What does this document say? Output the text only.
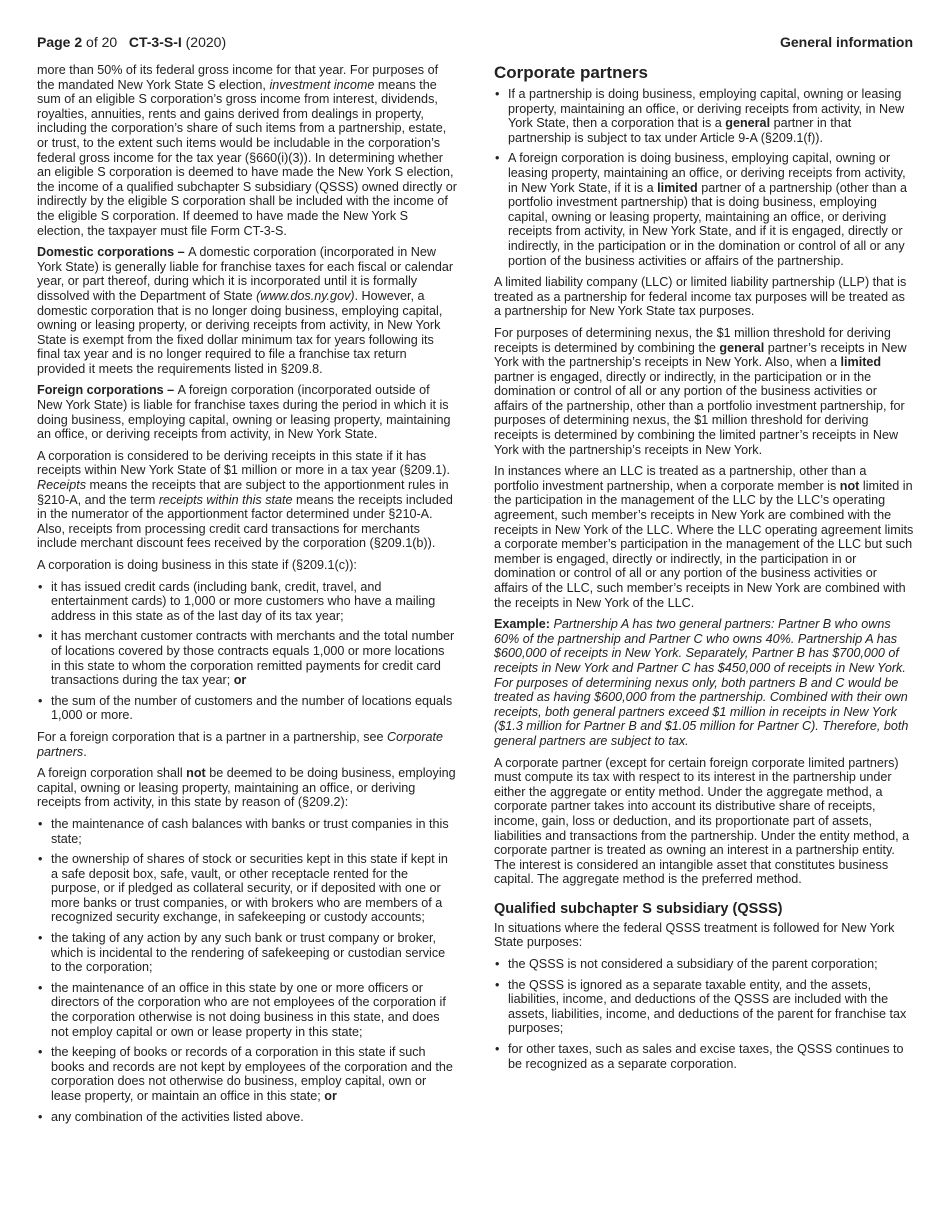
Page 2 of 20 CT-3-S-I (2020)	General information

more than 50% of its federal gross income for that year. For purposes of the mandated New York State S election, investment income means the sum of an eligible S corporation’s gross income from interest, dividends, royalties, annuities, rents and gains derived from dealings in property, including the corporation’s share of such items from a partnership, estate, or trust, to the extent such items would be includable in the corporation’s federal gross income for the tax year (§660(i)(3)). In determining whether an eligible S corporation is deemed to have made the New York S election, the income of a qualified subchapter S subsidiary (QSSS) owned directly or indirectly by the eligible S corporation shall be included with the income of the eligible S corporation. If deemed to have made the New York S election, the taxpayer must file Form CT-3-S.

Domestic corporations – A domestic corporation (incorporated in New York State) is generally liable for franchise taxes for each fiscal or calendar year, or part thereof, during which it is incorporated until it is formally dissolved with the Department of State (www.dos.ny.gov). However, a domestic corporation that is no longer doing business, employing capital, owning or leasing property, or deriving receipts from activity, in New York State is exempt from the fixed dollar minimum tax for years following its final tax year and is no longer required to file a franchise tax return provided it meets the requirements listed in §209.8.

Foreign corporations – A foreign corporation (incorporated outside of New York State) is liable for franchise taxes during the period in which it is doing business, employing capital, owning or leasing property, maintaining an office, or deriving receipts from activity, in New York State.

A corporation is considered to be deriving receipts in this state if it has receipts within New York State of $1 million or more in a tax year (§209.1). Receipts means the receipts that are subject to the apportionment rules in §210-A, and the term receipts within this state means the receipts included in the numerator of the apportionment factor determined under §210-A. Also, receipts from processing credit card transactions for merchants include merchant discount fees received by the corporation (§209.1(b)).

A corporation is doing business in this state if (§209.1(c)):

• it has issued credit cards (including bank, credit, travel, and entertainment cards) to 1,000 or more customers who have a mailing address in this state as of the last day of its tax year;
• it has merchant customer contracts with merchants and the total number of locations covered by those contracts equals 1,000 or more locations in this state to whom the corporation remitted payments for credit card transactions during the tax year; or
• the sum of the number of customers and the number of locations equals 1,000 or more.

For a foreign corporation that is a partner in a partnership, see Corporate partners.

A foreign corporation shall not be deemed to be doing business, employing capital, owning or leasing property, maintaining an office, or deriving receipts from activity, in this state by reason of (§209.2):

• the maintenance of cash balances with banks or trust companies in this state;
• the ownership of shares of stock or securities kept in this state if kept in a safe deposit box, safe, vault, or other receptacle rented for the purpose, or if pledged as collateral security, or if deposited with one or more banks or trust companies, or with brokers who are members of a recognized security exchange, in safekeeping or custody accounts;
• the taking of any action by any such bank or trust company or broker, which is incidental to the rendering of safekeeping or custodian service to the corporation;
• the maintenance of an office in this state by one or more officers or directors of the corporation who are not employees of the corporation if the corporation otherwise is not doing business in this state, and does not employ capital or own or lease property in this state;
• the keeping of books or records of a corporation in this state if such books and records are not kept by employees of the corporation and the corporation does not otherwise do business, employ capital, own or lease property, or maintain an office in this state; or
• any combination of the activities listed above.
Corporate partners
• If a partnership is doing business, employing capital, owning or leasing property, maintaining an office, or deriving receipts from activity, in New York State, then a corporation that is a general partner in that partnership is subject to tax under Article 9-A (§209.1(f)).
• A foreign corporation is doing business, employing capital, owning or leasing property, maintaining an office, or deriving receipts from activity, in New York State, if it is a limited partner of a partnership (other than a portfolio investment partnership) that is doing business, employing capital, owning or leasing property, maintaining an office, or deriving receipts from activity, in New York State, and if it is engaged, directly or indirectly, in the participation or in the domination or control of all or any portion of the business activities or affairs of the partnership.

A limited liability company (LLC) or limited liability partnership (LLP) that is treated as a partnership for federal income tax purposes will be treated as a partnership for New York State tax purposes.

For purposes of determining nexus, the $1 million threshold for deriving receipts is determined by combining the general partner’s receipts in New York with the partnership’s receipts in New York. Also, when a limited partner is engaged, directly or indirectly, in the participation or in the domination or control of all or any portion of the business activities or affairs of the partnership, other than a portfolio investment partnership, for purposes of determining nexus, the $1 million threshold for deriving receipts is determined by combining the limited partner’s receipts in New York with the partnership’s receipts in New York.

In instances where an LLC is treated as a partnership, other than a portfolio investment partnership, when a corporate member is not limited in the participation in the management of the LLC by the LLC’s operating agreement, such member’s receipts in New York are combined with the receipts in New York of the LLC. Where the LLC operating agreement limits a corporate member’s participation in the management of the LLC but such member is engaged, directly or indirectly, in the participation in or domination or control of all or any portion of the business activities or affairs of the LLC, such member’s receipts in New York are combined with the receipts in New York of the LLC.

Example: Partnership A has two general partners: Partner B who owns 60% of the partnership and Partner C who owns 40%. Partnership A has $600,000 of receipts in New York. Separately, Partner B has $700,000 of receipts in New York and Partner C has $450,000 of receipts in New York. For purposes of determining nexus only, both partners B and C would be treated as having $600,000 from the partnership. Combined with their own receipts, both general partners exceed $1 million in receipts in New York ($1.3 million for Partner B and $1.05 million for Partner C). Therefore, both general partners are subject to tax.

A corporate partner (except for certain foreign corporate limited partners) must compute its tax with respect to its interest in the partnership under either the aggregate or entity method. Under the aggregate method, a corporate partner takes into account its distributive share of receipts, income, gain, loss or deduction, and its proportionate part of assets, liabilities and transactions from the partnership. Under the entity method, a corporate partner is treated as owning an interest in a partnership entity. The interest is considered an intangible asset that constitutes business capital. The aggregate method is the preferred method.

Qualified subchapter S subsidiary (QSSS)

In situations where the federal QSSS treatment is followed for New York State purposes:

• the QSSS is not considered a subsidiary of the parent corporation;
• the QSSS is ignored as a separate taxable entity, and the assets, liabilities, income, and deductions of the QSSS are included with the assets, liabilities, income, and deductions of the parent for franchise tax purposes;
• for other taxes, such as sales and excise taxes, the QSSS continues to be recognized as a separate corporation.
